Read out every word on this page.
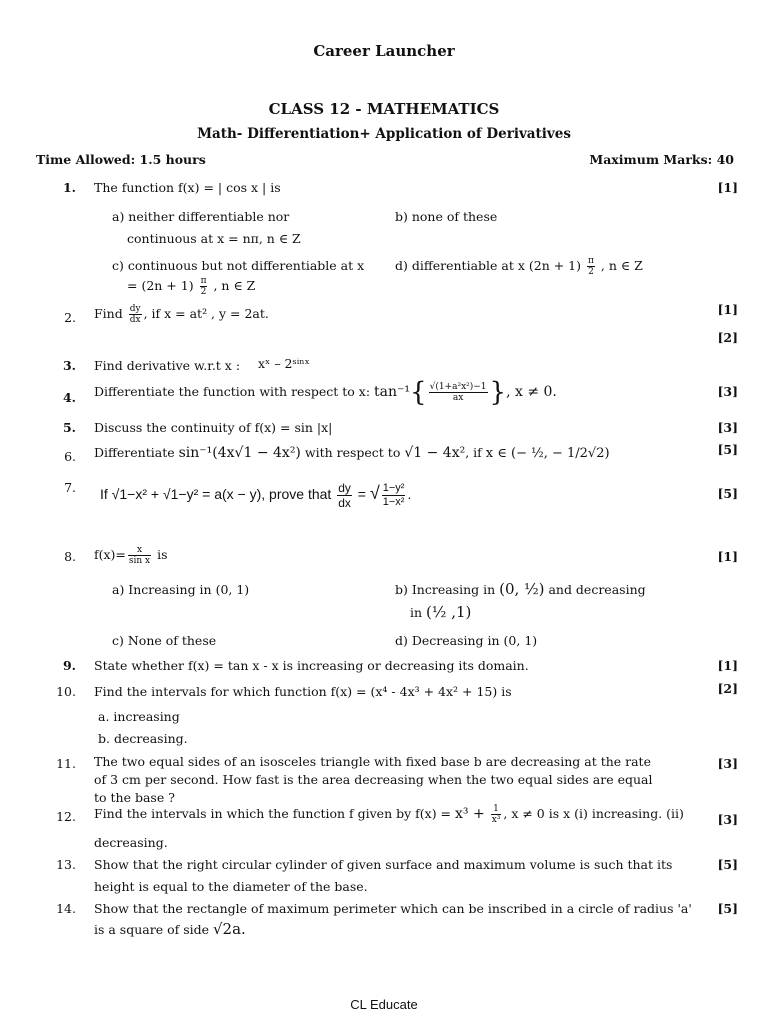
Career Launcher
CLASS 12 - MATHEMATICS
Math- Differentiation+ Application of Derivatives
Time Allowed: 1.5 hours	Maximum Marks: 40
1. The function f(x) = | cos x | is	[1]
a) neither differentiable nor
continuous at x = nπ, n ∈ Z
b) none of these
c) continuous but not differentiable at x
= $(2n + 1) \frac{\pi}{2}$ , n ∈ Z
d) differentiable at x $(2n + 1) \frac{\pi}{2}$ , n ∈ Z
2. Find $\frac{dy}{dx}$ , if x = at² , y = 2at.	[1]
[2]
3. Find derivative w.r.t x : xˣ – 2ˢⁱⁿˣ
4. Differentiate the function with respect to x: $\tan^{-1}\{ \frac{\text{√(1+a²x²)−1}}{ax}$ }, x ≠ 0.	[3]
5. Discuss the continuity of f(x) = sin |x|	[3]
6. Differentiate sin⁻¹(4x√1 − 4x²) with respect to √1 − 4x², if x ∈ (− ½, − 1/2√2)	[5]
7. If √1−x² + √1−y² = a(x − y), prove that $\frac{dy}{dx}$ = √ $\frac{\text{1−y²}}{\text{1−x²}}$ .	[5]
8. $f(x)= \frac{x}{\text{sin x}}$ is	[1]
a) Increasing in (0, 1)	b) Increasing in (0, ½) and decreasing
in (½ ,1)
c) None of these	d) Decreasing in (0, 1)
9. State whether f(x) = tan x - x is increasing or decreasing its domain.	[1]
10. Find the intervals for which function f(x) = (x⁴ - 4x³ + 4x² + 15) is	[2]
a. increasing
b. decreasing.
11. The two equal sides of an isosceles triangle with fixed base b are decreasing at the rate of 3 cm per second. How fast is the area decreasing when the two equal sides are equal to the base ?
[3]
12. Find the intervals in which the function f given by $f(x) = x^3 + \frac{1}{\text{x³}}$ , x ≠ 0 is x (i) increasing. (ii)
decreasing.
[3]
13. Show that the right circular cylinder of given surface and maximum volume is such that its
height is equal to the diameter of the base.
[5]
14. Show that the rectangle of maximum perimeter which can be inscribed in a circle of radius 'a'
is a square of side √2a.
[5]
CL Educate
